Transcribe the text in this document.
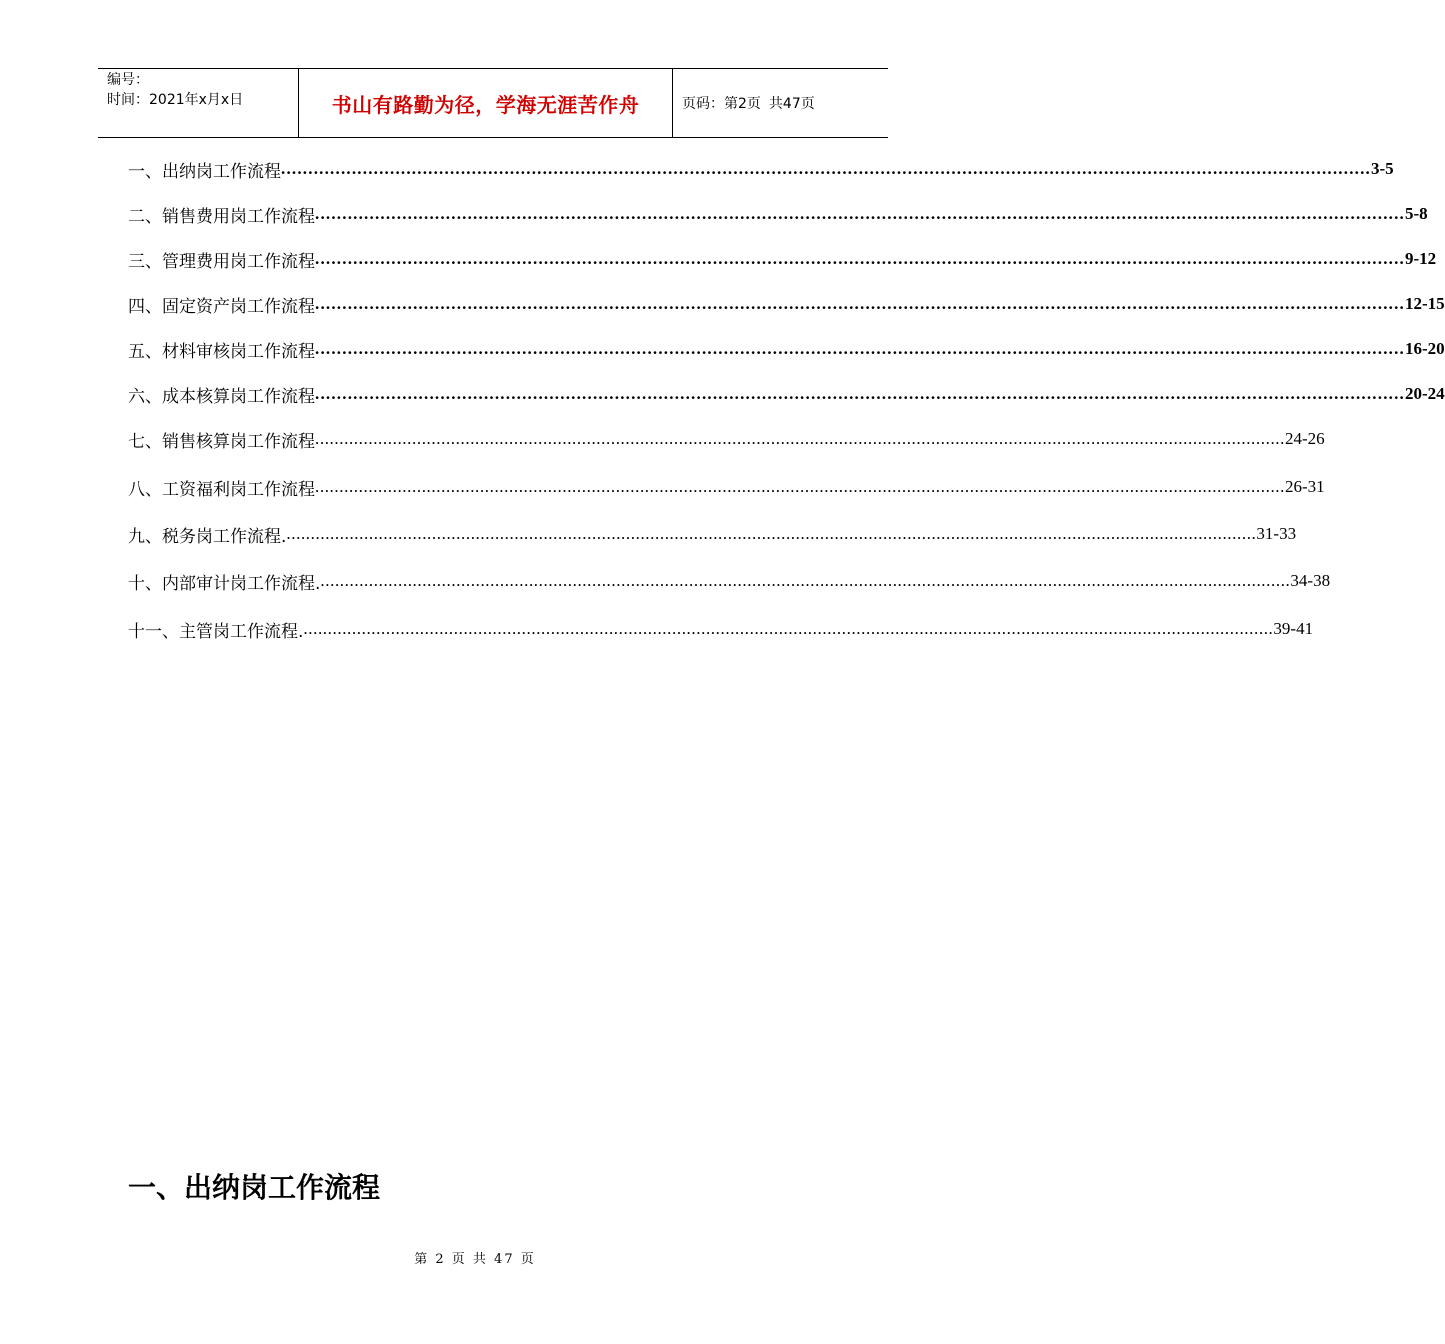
编号：
时间：2021年x月x日	书山有路勤为径，学海无涯苦作舟	页码：第2页 共47页
一、出纳岗工作流程 ........................................................................................................................................................................................................ 3-5
二、销售费用岗工作流程 ........................................................................................................................................................................................................ 5-8
三、管理费用岗工作流程 ........................................................................................................................................................................................................ 9-12
四、固定资产岗工作流程 ........................................................................................................................................................................................................ 12-15
五、材料审核岗工作流程 ........................................................................................................................................................................................................ 16-20
六、成本核算岗工作流程 ........................................................................................................................................................................................................ 20-24
七、销售核算岗工作流程 ........................................................................................................................................................................................................ 24-26
八、工资福利岗工作流程 ........................................................................................................................................................................................................ 26-31
九、税务岗工作流程. ........................................................................................................................................................................................................ 31-33
十、内部审计岗工作流程. ........................................................................................................................................................................................................ 34-38
十一、主管岗工作流程. ........................................................................................................................................................................................................ 39-41
一、出纳岗工作流程
第 2 页 共 47 页
